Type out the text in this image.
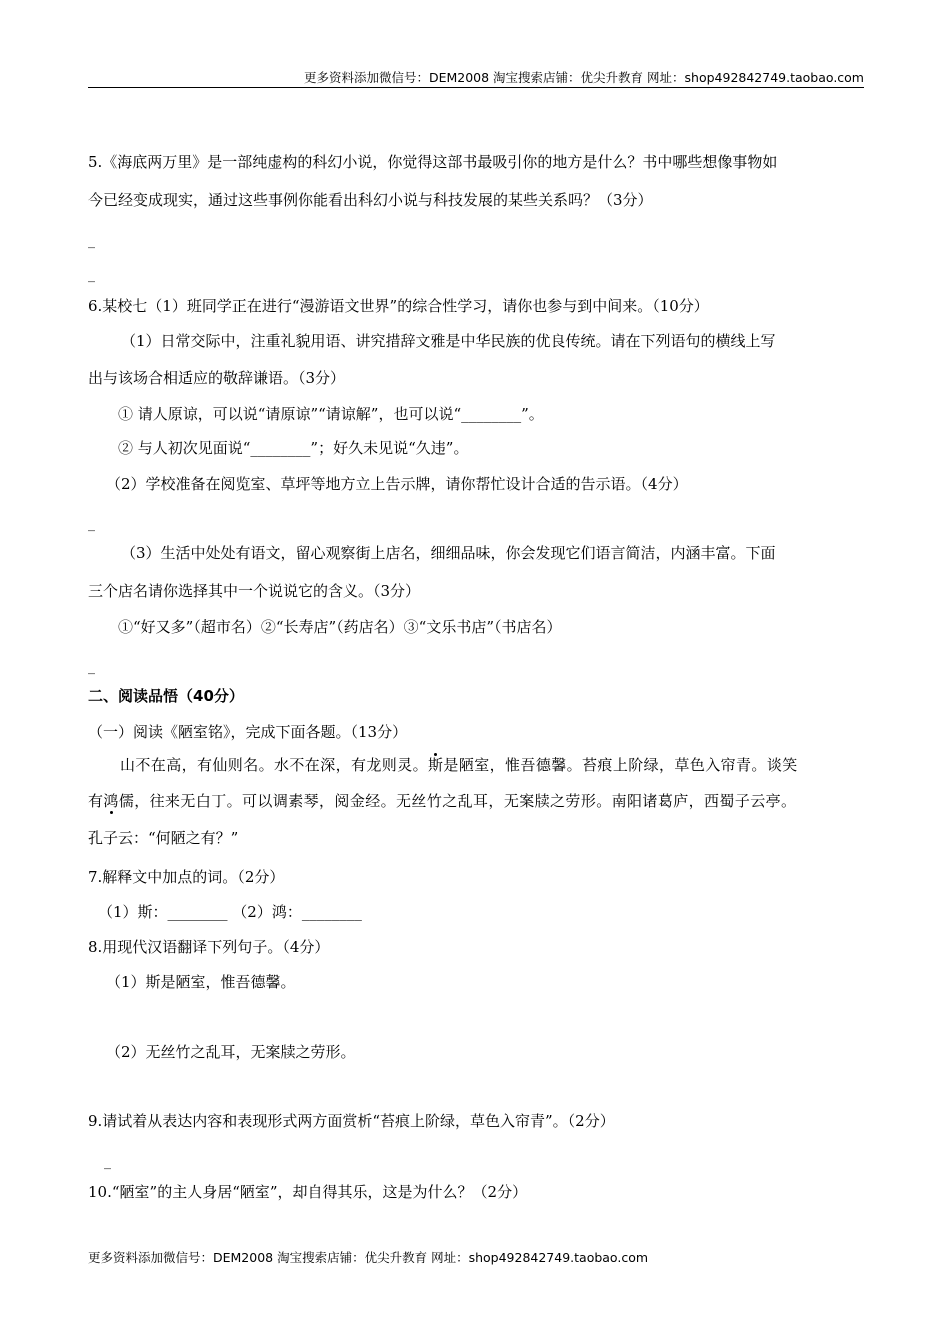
更多资料添加微信号：DEM2008 淘宝搜索店铺：优尖升教育 网址：shop492842749.taobao.com
5.《海底两万里》是一部纯虚构的科幻小说，你觉得这部书最吸引你的地方是什么？书中哪些想像事物如
今已经变成现实，通过这些事例你能看出科幻小说与科技发展的某些关系吗？（3分）
_
_
6.某校七（1）班同学正在进行“漫游语文世界”的综合性学习，请你也参与到中间来。（10分）
（1）日常交际中，注重礼貌用语、讲究措辞文雅是中华民族的优良传统。请在下列语句的横线上写
出与该场合相适应的敬辞谦语。（3分）
① 请人原谅，可以说“请原谅”“请谅解”，也可以说“________”。
② 与人初次见面说“________”；好久未见说“久违”。
（2）学校准备在阅览室、草坪等地方立上告示牌，请你帮忙设计合适的告示语。（4分）
_
（3）生活中处处有语文，留心观察街上店名，细细品味，你会发现它们语言简洁，内涵丰富。下面
三个店名请你选择其中一个说说它的含义。（3分）
①“好又多”（超市名）②“长寿店”（药店名）③“文乐书店”（书店名）
_
二、阅读品悟（40分）
（一）阅读《陋室铭》，完成下面各题。（13分）
山不在高，有仙则名。水不在深，有龙则灵。斯是陋室，惟吾德馨。苔痕上阶绿，草色入帘青。谈笑
有鸿儒，往来无白丁。可以调素琴，阅金经。无丝竹之乱耳，无案牍之劳形。南阳诸葛庐，西蜀子云亭。
孔子云：“何陋之有？”
7.解释文中加点的词。（2分）
（1）斯：________ （2）鸿：________
8.用现代汉语翻译下列句子。（4分）
（1）斯是陋室，惟吾德馨。
（2）无丝竹之乱耳，无案牍之劳形。
9.请试着从表达内容和表现形式两方面赏析“苔痕上阶绿，草色入帘青”。（2分）
_
10.“陋室”的主人身居“陋室”，却自得其乐，这是为什么？（2分）
更多资料添加微信号：DEM2008 淘宝搜索店铺：优尖升教育 网址：shop492842749.taobao.com
